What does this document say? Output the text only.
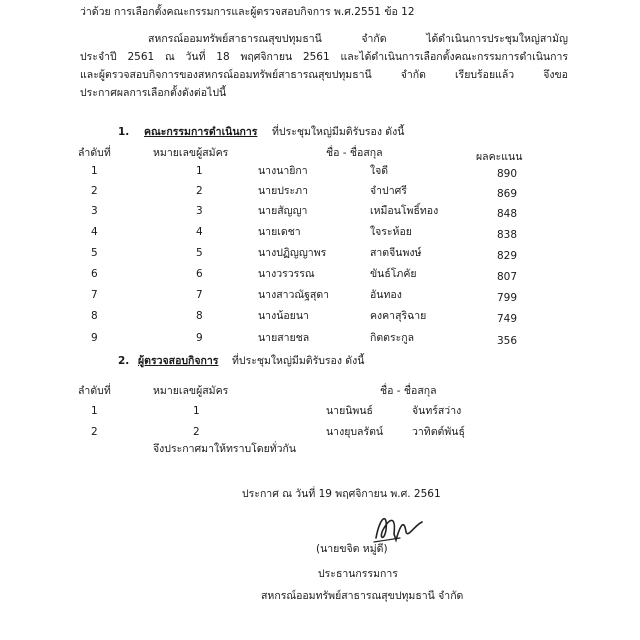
ว่าด้วย การเลือกตั้งคณะกรรมการและผู้ตรวจสอบกิจการ พ.ศ.2551 ข้อ 12
สหกรณ์ออมทรัพย์สาธารณสุขปทุมธานี จำกัด ได้ดำเนินการประชุมใหญ่สามัญ
ประจำปี 2561 ณ วันที่ 18 พฤศจิกายน 2561 และได้ดำเนินการเลือกตั้งคณะกรรมการดำเนินการ
และผู้ตรวจสอบกิจการของสหกรณ์ออมทรัพย์สาธารณสุขปทุมธานี จำกัด เรียบร้อยแล้ว จึงขอ
ประกาศผลการเลือกตั้งดังต่อไปนี้
1. คณะกรรมการดำเนินการ ที่ประชุมใหญ่มีมติรับรอง ดังนี้
ลำดับที่	หมายเลขผู้สมัคร	ชื่อ - ชื่อสกุล	ผลคะแนน
1	1	นางนายิกา	ใจดี	890
2	2	นายประภา	จำปาศรี	869
3	3	นายสัญญา	เหมือนโพธิ์ทอง	848
4	4	นายเดชา	ใจระห้อย	838
5	5	นางปฏิญญาพร	สาตจีนพงษ์	829
6	6	นางวรวรรณ	ขันธ์โภคัย	807
7	7	นางสาวณัฐสุดา	อันทอง	799
8	8	นางน้อยนา	คงคาสุริฉาย	749
9	9	นายสายชล	กิตตระกูล	356
2. ผู้ตรวจสอบกิจการ ที่ประชุมใหญ่มีมติรับรอง ดังนี้
ลำดับที่	หมายเลขผู้สมัคร	ชื่อ - ชื่อสกุล
1	1	นายนิพนธ์	จันทร์สว่าง
2	2	นางยุบลรัตน์	วาทิตต์พันธุ์
จึงประกาศมาให้ทราบโดยทั่วกัน
ประกาศ ณ วันที่ 19 พฤศจิกายน พ.ศ. 2561
(นายขจิต หมู่ดี)
ประธานกรรมการ
สหกรณ์ออมทรัพย์สาธารณสุขปทุมธานี จำกัด
